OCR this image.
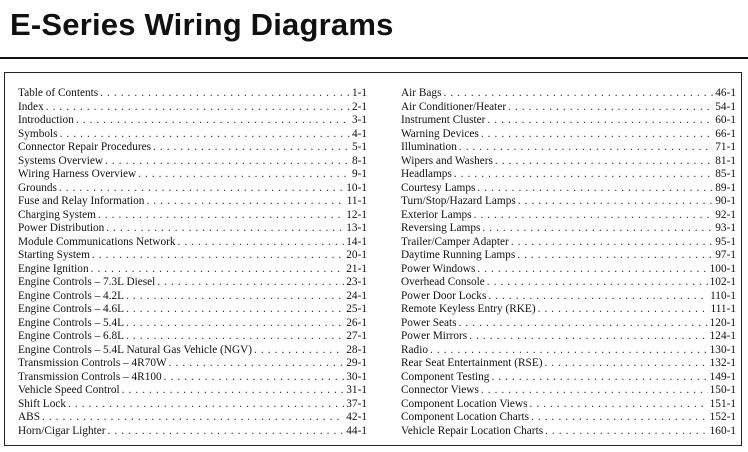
E-Series Wiring Diagrams
Table of Contents . . .	1-1
Index . . .	2-1
Introduction . . .	3-1
Symbols . . .	4-1
Connector Repair Procedures . . .	5-1
Systems Overview . . .	8-1
Wiring Harness Overview . . .	9-1
Grounds . . .	10-1
Fuse and Relay Information . . .	11-1
Charging System . . .	12-1
Power Distribution . . .	13-1
Module Communications Network . . .	14-1
Starting System . . .	20-1
Engine Ignition . . .	21-1
Engine Controls – 7.3L Diesel . . .	23-1
Engine Controls – 4.2L . . .	24-1
Engine Controls – 4.6L . . .	25-1
Engine Controls – 5.4L . . .	26-1
Engine Controls – 6.8L . . .	27-1
Engine Controls – 5.4L Natural Gas Vehicle (NGV) . . .	28-1
Transmission Controls – 4R70W . . .	29-1
Transmission Controls – 4R100 . . .	30-1
Vehicle Speed Control . . .	31-1
Shift Lock . . .	37-1
ABS . . .	42-1
Horn/Cigar Lighter . . .	44-1
Air Bags . . .	46-1
Air Conditioner/Heater . . .	54-1
Instrument Cluster . . .	60-1
Warning Devices . . .	66-1
Illumination . . .	71-1
Wipers and Washers . . .	81-1
Headlamps . . .	85-1
Courtesy Lamps . . .	89-1
Turn/Stop/Hazard Lamps . . .	90-1
Exterior Lamps . . .	92-1
Reversing Lamps . . .	93-1
Trailer/Camper Adapter . . .	95-1
Daytime Running Lamps . . .	97-1
Power Windows . . .	100-1
Overhead Console . . .	102-1
Power Door Locks . . .	110-1
Remote Keyless Entry (RKE) . . .	111-1
Power Seats . . .	120-1
Power Mirrors . . .	124-1
Radio . . .	130-1
Rear Seat Entertainment (RSE) . . .	132-1
Component Testing . . .	149-1
Connector Views . . .	150-1
Component Location Views . . .	151-1
Component Location Charts . . .	152-1
Vehicle Repair Location Charts . . .	160-1
